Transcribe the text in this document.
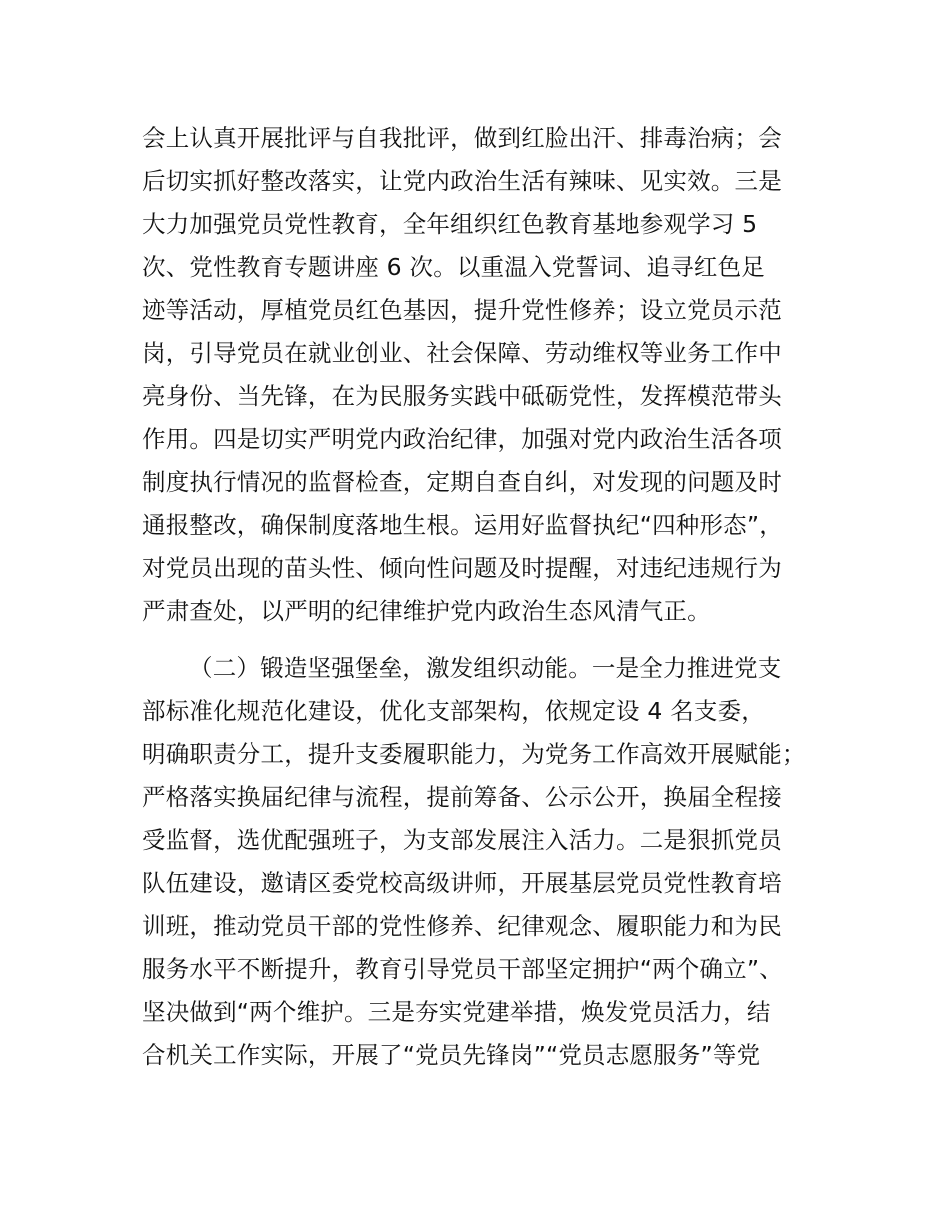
会上认真开展批评与自我批评，做到红脸出汗、排毒治病；会
后切实抓好整改落实，让党内政治生活有辣味、见实效。三是
大力加强党员党性教育，全年组织红色教育基地参观学习 5
次、党性教育专题讲座 6 次。以重温入党誓词、追寻红色足
迹等活动，厚植党员红色基因，提升党性修养；设立党员示范
岗，引导党员在就业创业、社会保障、劳动维权等业务工作中
亮身份、当先锋，在为民服务实践中砥砺党性，发挥模范带头
作用。四是切实严明党内政治纪律，加强对党内政治生活各项
制度执行情况的监督检查，定期自查自纠，对发现的问题及时
通报整改，确保制度落地生根。运用好监督执纪“四种形态”，
对党员出现的苗头性、倾向性问题及时提醒，对违纪违规行为
严肃查处，以严明的纪律维护党内政治生态风清气正。
（二）锻造坚强堡垒，激发组织动能。一是全力推进党支
部标准化规范化建设，优化支部架构，依规定设 4 名支委，
明确职责分工，提升支委履职能力，为党务工作高效开展赋能；
严格落实换届纪律与流程，提前筹备、公示公开，换届全程接
受监督，选优配强班子，为支部发展注入活力。二是狠抓党员
队伍建设，邀请区委党校高级讲师，开展基层党员党性教育培
训班，推动党员干部的党性修养、纪律观念、履职能力和为民
服务水平不断提升，教育引导党员干部坚定拥护“两个确立”、
坚决做到“两个维护。三是夯实党建举措，焕发党员活力，结
合机关工作实际，开展了“党员先锋岗”“党员志愿服务”等党
